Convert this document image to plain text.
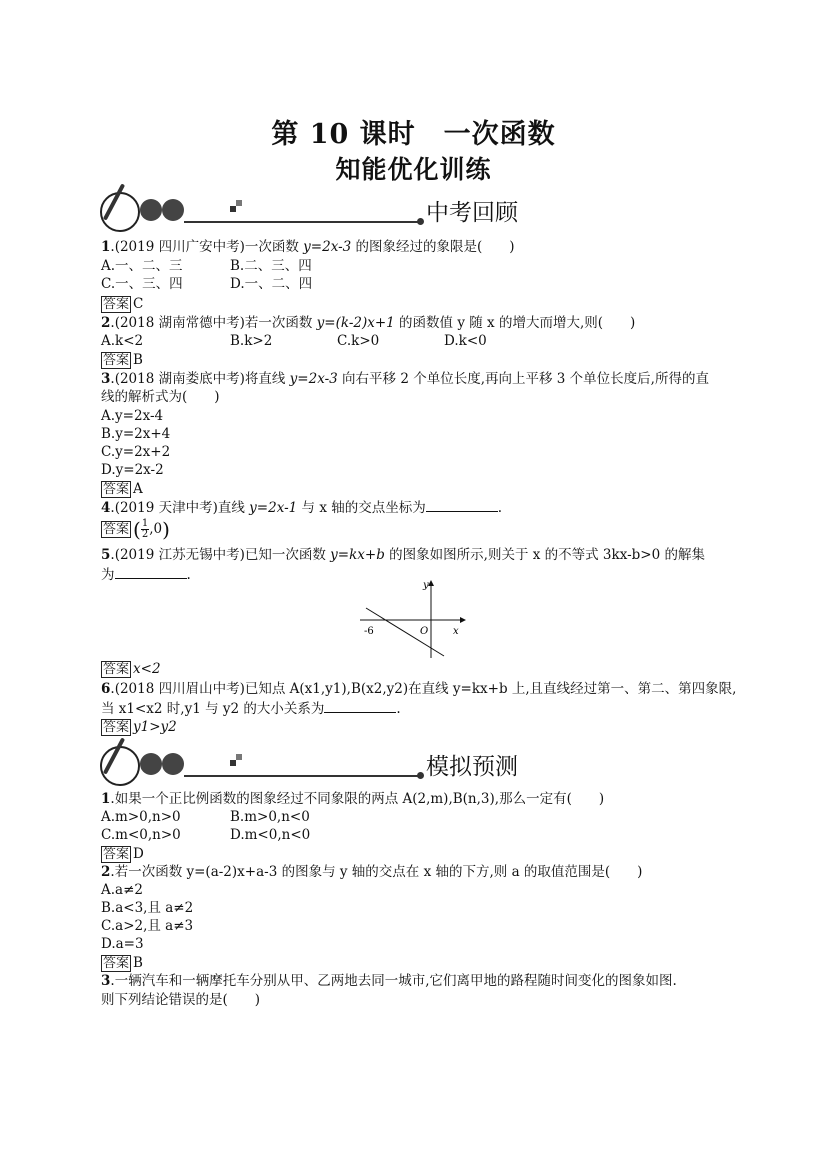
第 10 课时　一次函数
知能优化训练
中考回顾
1.(2019 四川广安中考)一次函数 y=2x-3 的图象经过的象限是(　　)
A.一、二、三	B.二、三、四
C.一、三、四	D.一、二、四
答案 C
2.(2018 湖南常德中考)若一次函数 y=(k-2)x+1 的函数值 y 随 x 的增大而增大,则(　　)
A.k<2	B.k>2	C.k>0	D.k<0
答案 B
3.(2018 湖南娄底中考)将直线 y=2x-3 向右平移 2 个单位长度,再向上平移 3 个单位长度后,所得的直
线的解析式为(　　)
A.y=2x-4
B.y=2x+4
C.y=2x+2
D.y=2x-2
答案 A
4.(2019 天津中考)直线 y=2x-1 与 x 轴的交点坐标为	.
答案 ( $\frac{1}{2} ,0$)
5.(2019 江苏无锡中考)已知一次函数 y=kx+b 的图象如图所示,则关于 x 的不等式 3kx-b>0 的解集
为	.
y
x
O
-6
答案 x<2
6.(2018 四川眉山中考)已知点 A(x1,y1),B(x2,y2)在直线 y=kx+b 上,且直线经过第一、第二、第四象限,
当 x1<x2 时,y1 与 y2 的大小关系为	.
答案 y1>y2
模拟预测
1.如果一个正比例函数的图象经过不同象限的两点 A(2,m),B(n,3),那么一定有(　　)
A.m>0,n>0	B.m>0,n<0
C.m<0,n>0	D.m<0,n<0
答案 D
2.若一次函数 y=(a-2)x+a-3 的图象与 y 轴的交点在 x 轴的下方,则 a 的取值范围是(　　)
A.a≠2
B.a<3,且 a≠2
C.a>2,且 a≠3
D.a=3
答案 B
3.一辆汽车和一辆摩托车分别从甲、乙两地去同一城市,它们离甲地的路程随时间变化的图象如图.
则下列结论错误的是(　　)
